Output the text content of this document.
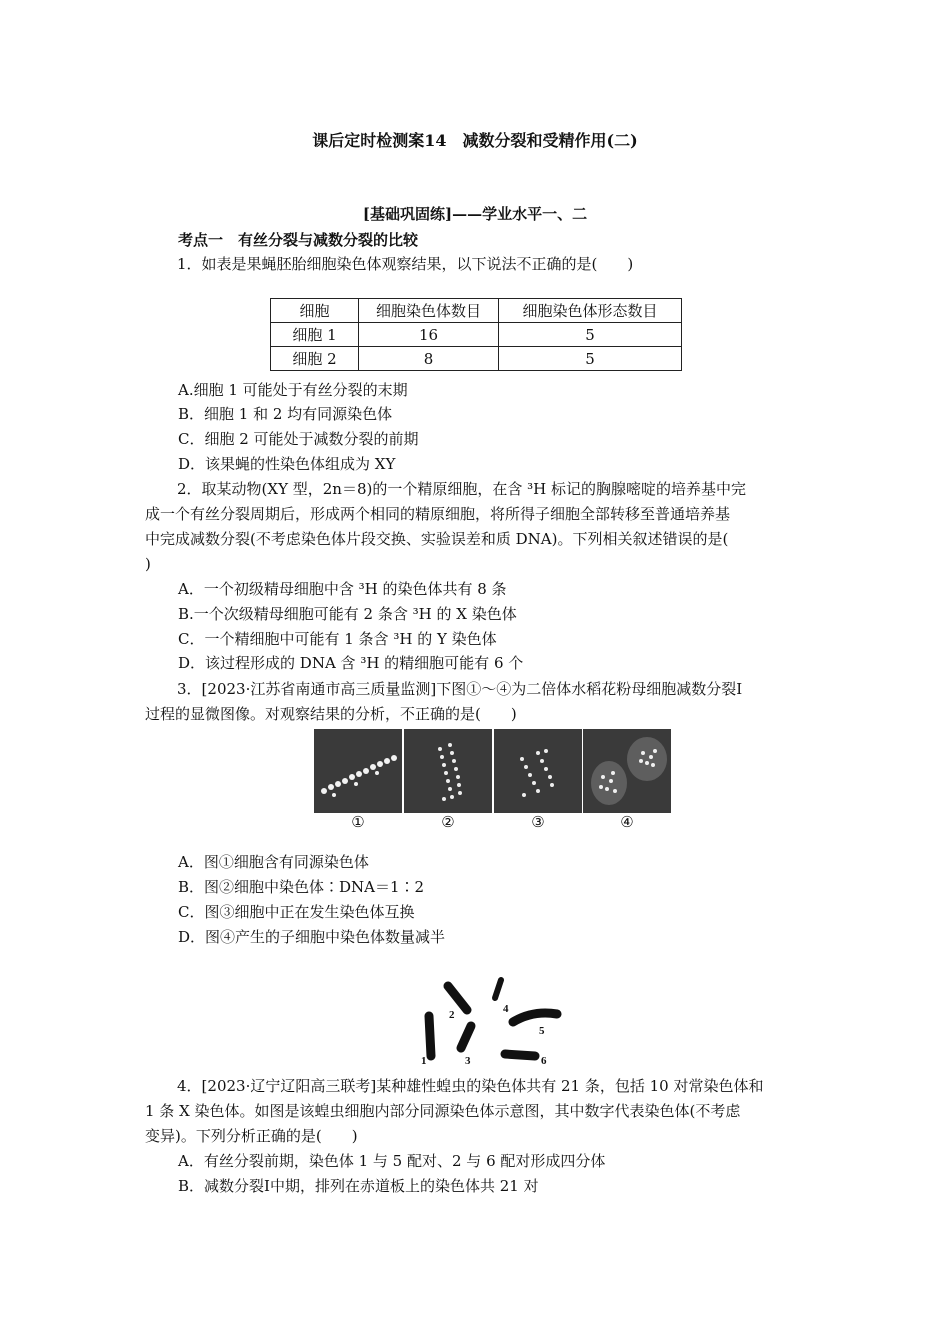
课后定时检测案14　减数分裂和受精作用(二)
[基础巩固练]——学业水平一、二
考点一　有丝分裂与减数分裂的比较
1．如表是果蝇胚胎细胞染色体观察结果，以下说法不正确的是(　　)
细胞	细胞染色体数目	细胞染色体形态数目
细胞 1	16	5
细胞 2	8	5
A.细胞 1 可能处于有丝分裂的末期
B．细胞 1 和 2 均有同源染色体
C．细胞 2 可能处于减数分裂的前期
D．该果蝇的性染色体组成为 XY
2．取某动物(XY 型，2n＝8)的一个精原细胞，在含 ³H 标记的胸腺嘧啶的培养基中完
成一个有丝分裂周期后，形成两个相同的精原细胞，将所得子细胞全部转移至普通培养基
中完成减数分裂(不考虑染色体片段交换、实验误差和质 DNA)。下列相关叙述错误的是(
)
A．一个初级精母细胞中含 ³H 的染色体共有 8 条
B.一个次级精母细胞可能有 2 条含 ³H 的 X 染色体
C．一个精细胞中可能有 1 条含 ³H 的 Y 染色体
D．该过程形成的 DNA 含 ³H 的精细胞可能有 6 个
3．[2023·江苏省南通市高三质量监测]下图①～④为二倍体水稻花粉母细胞减数分裂Ⅰ
过程的显微图像。对观察结果的分析，不正确的是(　　)
①	②	③	④
A．图①细胞含有同源染色体
B．图②细胞中染色体∶DNA＝1∶2
C．图③细胞中正在发生染色体互换
D．图④产生的子细胞中染色体数量减半
1
2
3
4
5
6
4．[2023·辽宁辽阳高三联考]某种雄性蝗虫的染色体共有 21 条，包括 10 对常染色体和
1 条 X 染色体。如图是该蝗虫细胞内部分同源染色体示意图，其中数字代表染色体(不考虑
变异)。下列分析正确的是(　　)
A．有丝分裂前期，染色体 1 与 5 配对、2 与 6 配对形成四分体
B．减数分裂Ⅰ中期，排列在赤道板上的染色体共 21 对
